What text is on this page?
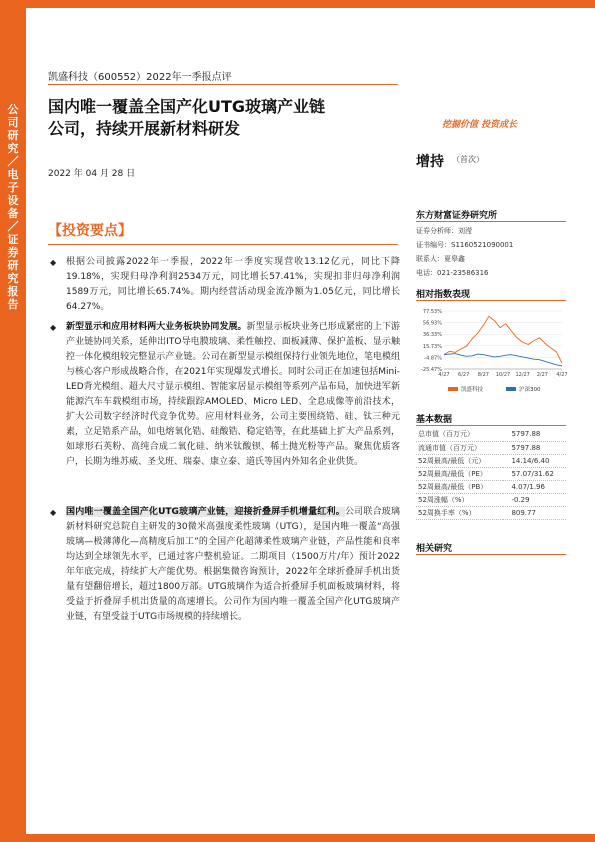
公司研究／电子设备／证券研究报告
凯盛科技（600552）2022年一季报点评
国内唯一覆盖全国产化UTG玻璃产业链
公司，持续开展新材料研发
2022 年 04 月 28 日
挖掘价值 投资成长
增持 （首次）
【投资要点】
◆	根据公司披露2022年一季报，2022年一季度实现营收13.12亿元，同比下降19.18%，实现归母净利润2534万元，同比增长57.41%，实现扣非归母净利润1589万元，同比增长65.74%。期内经营活动现金流净额为1.05亿元，同比增长64.27%。
◆	新型显示和应用材料两大业务板块协同发展。新型显示板块业务已形成紧密的上下游产业链协同关系，延伸出ITO导电膜玻璃、柔性触控、面板减薄、保护盖板、显示触控一体化模组较完整显示产业链。公司在新型显示模组保持行业领先地位，笔电模组与核心客户形成战略合作，在2021年实现爆发式增长。同时公司正在加速包括Mini-LED背光模组、超大尺寸显示模组、智能家居显示模组等系列产品布局，加快进军新能源汽车车载模组市场，持续跟踪AMOLED、Micro LED、全息成像等前沿技术，扩大公司数字经济时代竞争优势。应用材料业务，公司主要围绕锆、硅、钛三种元素，立足锆系产品，如电熔氧化锆、硅酸锆、稳定锆等，在此基础上扩大产品系列，如球形石英粉、高纯合成二氧化硅、纳米钛酸钡、稀土抛光粉等产品。聚焦优质客户，长期为维苏威、圣戈班、瑞泰、康立泰、道氏等国内外知名企业供货。
◆	国内唯一覆盖全国产化UTG玻璃产业链，迎接折叠屏手机增量红利。公司联合玻璃新材料研究总院自主研发的30微米高强度柔性玻璃（UTG），是国内唯一覆盖“高强玻璃—极薄薄化—高精度后加工”的全国产化超薄柔性玻璃产业链，产品性能和良率均达到全球领先水平，已通过客户整机验证。二期项目（1500万片/年）预计2022年年底完成，持续扩大产能优势。根据集微咨询预计，2022年全球折叠屏手机出货量有望翻倍增长，超过1800万部。UTG玻璃作为适合折叠屏手机面板玻璃材料，将受益于折叠屏手机出货量的高速增长。公司作为国内唯一覆盖全国产化UTG玻璃产业链，有望受益于UTG市场规模的持续增长。
东方财富证券研究所
证券分析师：刘滢
证书编号：S1160521090001
联系人：夏皋鑫
电话：021-23586316
相对指数表现
77.53%
56.93%
36.33%
15.73%
-4.87%
-25.47%
4/27 6/27 8/27 10/27 12/27 2/27 4/27
凯盛科技	沪深300
基本数据
总市值（百万元）	5797.88
流通市值（百万元）	5797.88
52周最高/最低（元）	14.14/6.40
52周最高/最低（PE）	57.07/31.62
52周最高/最低（PB）	4.07/1.96
52周涨幅（%）	-0.29
52周换手率（%）	809.77
相关研究
